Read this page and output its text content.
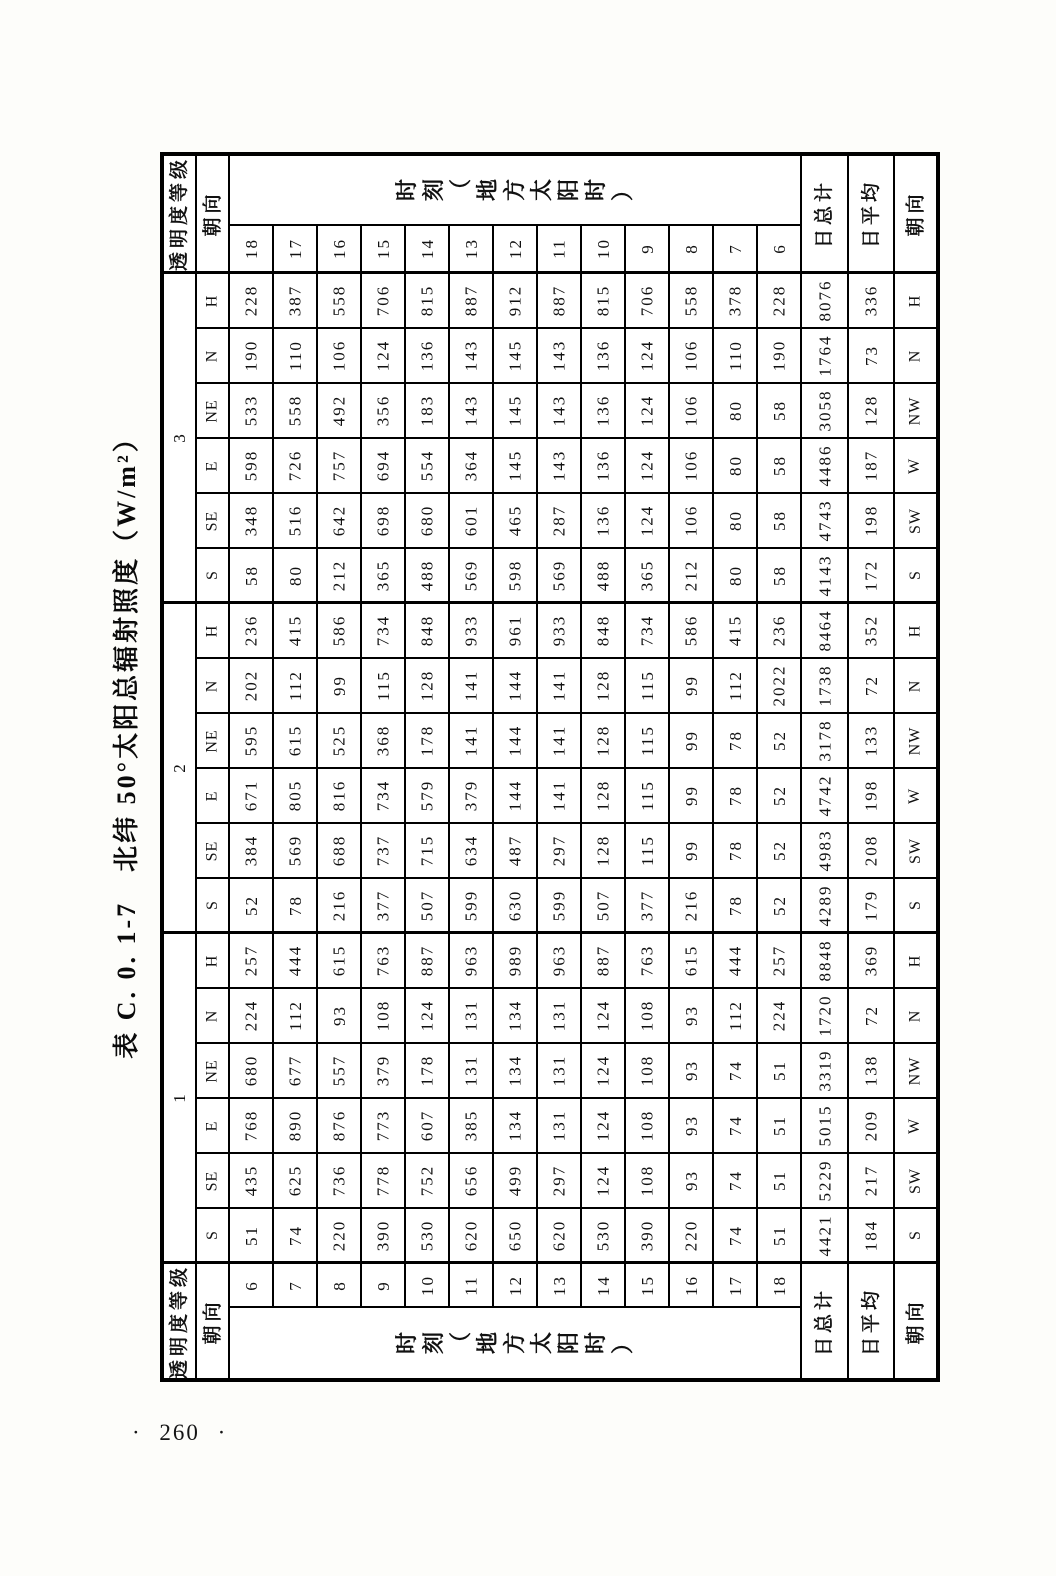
表 C. 0. 1-7　北纬 50°太阳总辐射照度（W/m²）
透明度等级 朝向
时 刻 （ 地 方 太 阳 时 ）
18 17 16 15 14 13 12 11 10 9 8 7 6
日总计 日平均 朝向
3
H 228 387 558 706 815 887 912 887 815 706 558 378 228 8076 336 H
N 190 110 106 124 136 143 145 143 136 124 106 110 190 1764 73 N
NE 533 558 492 356 183 143 145 143 136 124 106 80 58 3058 128 NW
E 598 726 757 694 554 364 145 143 136 124 106 80 58 4486 187 W
SE 348 516 642 698 680 601 465 287 136 124 106 80 58 4743 198 SW
S 58 80 212 365 488 569 598 569 488 365 212 80 58 4143 172 S
2
H 236 415 586 734 848 933 961 933 848 734 586 415 236 8464 352 H
N 202 112 99 115 128 141 144 141 128 115 99 112 2022 1738 72 N
NE 595 615 525 368 178 141 144 141 128 115 99 78 52 3178 133 NW
E 671 805 816 734 579 379 144 141 128 115 99 78 52 4742 198 W
SE 384 569 688 737 715 634 487 297 128 115 99 78 52 4983 208 SW
S 52 78 216 377 507 599 630 599 507 377 216 78 52 4289 179 S
1
H 257 444 615 763 887 963 989 963 887 763 615 444 257 8848 369 H
N 224 112 93 108 124 131 134 131 124 108 93 112 224 1720 72 N
NE 680 677 557 379 178 131 134 131 124 108 93 74 51 3319 138 NW
E 768 890 876 773 607 385 134 131 124 108 93 74 51 5015 209 W
SE 435 625 736 778 752 656 499 297 124 108 93 74 51 5229 217 SW
S 51 74 220 390 530 620 650 620 530 390 220 74 51 4421 184 S
透明度等级 朝向
6 7 8 9 10 11 12 13 14 15 16 17 18
时 刻 （ 地 方 太 阳 时 ）	日总计 日平均 朝向
· 260 ·
